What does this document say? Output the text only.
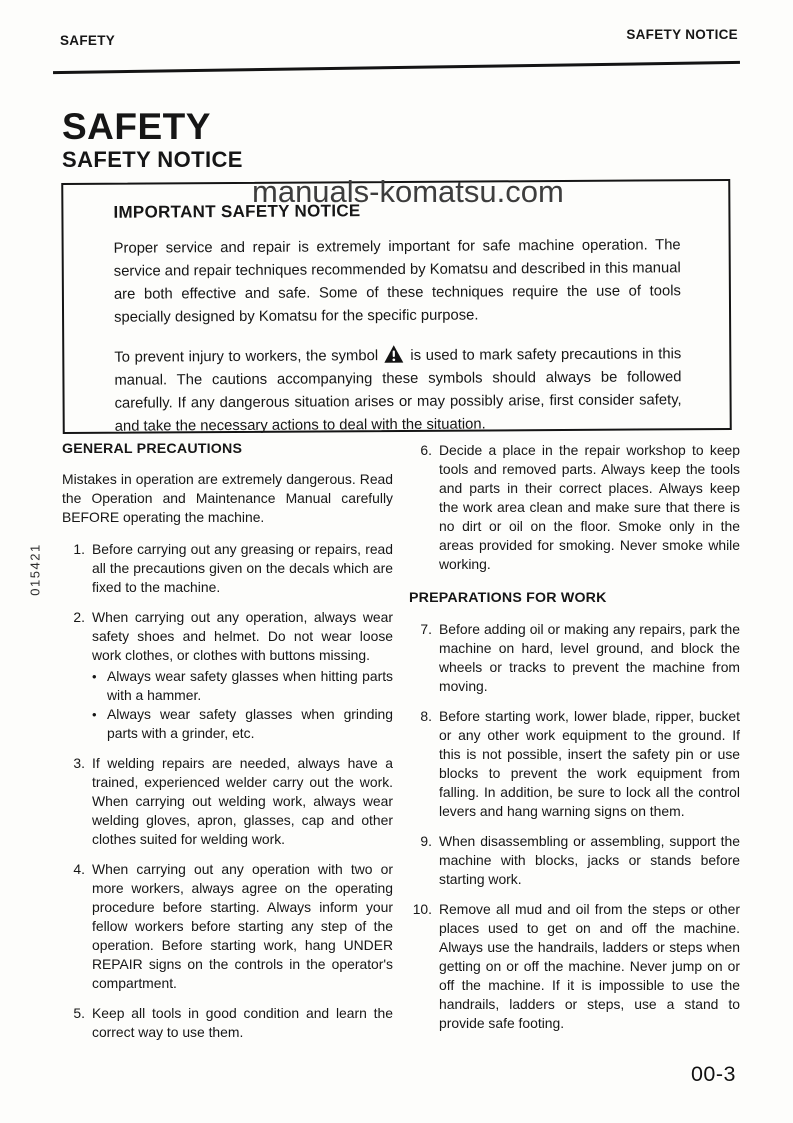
SAFETY	SAFETY NOTICE
015421
SAFETY
SAFETY NOTICE
manuals-komatsu.com
IMPORTANT SAFETY NOTICE

Proper service and repair is extremely important for safe machine operation. The service and repair techniques recommended by Komatsu and described in this manual are both effective and safe. Some of these techniques require the use of tools specially designed by Komatsu for the specific purpose.

To prevent injury to workers, the symbol is used to mark safety precautions in this manual. The cautions accompanying these symbols should always be followed carefully. If any dangerous situation arises or may possibly arise, first consider safety, and take the necessary actions to deal with the situation.

GENERAL PRECAUTIONS

Mistakes in operation are extremely dangerous. Read the Operation and Maintenance Manual carefully BEFORE operating the machine.

1. Before carrying out any greasing or repairs, read all the precautions given on the decals which are fixed to the machine.
2. When carrying out any operation, always wear safety shoes and helmet. Do not wear loose work clothes, or clothes with buttons missing.
• Always wear safety glasses when hitting parts with a hammer.
• Always wear safety glasses when grinding parts with a grinder, etc.
3. If welding repairs are needed, always have a trained, experienced welder carry out the work. When carrying out welding work, always wear welding gloves, apron, glasses, cap and other clothes suited for welding work.
4. When carrying out any operation with two or more workers, always agree on the operating procedure before starting. Always inform your fellow workers before starting any step of the operation. Before starting work, hang UNDER REPAIR signs on the controls in the operator's compartment.
5. Keep all tools in good condition and learn the correct way to use them.
6. Decide a place in the repair workshop to keep tools and removed parts. Always keep the tools and parts in their correct places. Always keep the work area clean and make sure that there is no dirt or oil on the floor. Smoke only in the areas provided for smoking. Never smoke while working.
PREPARATIONS FOR WORK
7. Before adding oil or making any repairs, park the machine on hard, level ground, and block the wheels or tracks to prevent the machine from moving.
8. Before starting work, lower blade, ripper, bucket or any other work equipment to the ground. If this is not possible, insert the safety pin or use blocks to prevent the work equipment from falling. In addition, be sure to lock all the control levers and hang warning signs on them.
9. When disassembling or assembling, support the machine with blocks, jacks or stands before starting work.
10. Remove all mud and oil from the steps or other places used to get on and off the machine. Always use the handrails, ladders or steps when getting on or off the machine. Never jump on or off the machine. If it is impossible to use the handrails, ladders or steps, use a stand to provide safe footing.
00-3
